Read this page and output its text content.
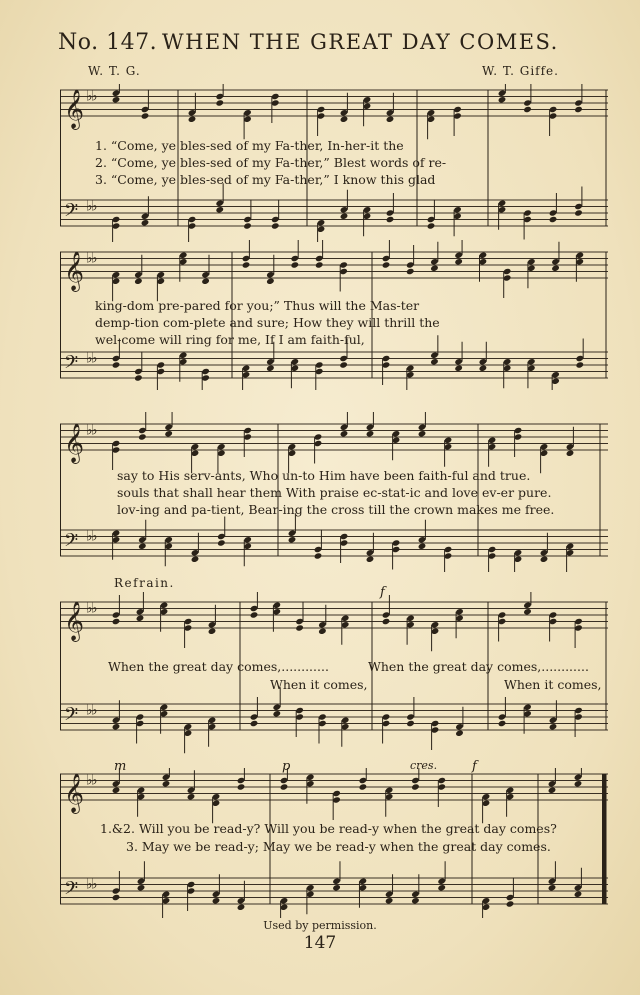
No. 147. WHEN THE GREAT DAY COMES.
W. T. G.	W. T. Giffe.
𝄞 ♭
♭
𝄢 ♭
♭
1. “Come, ye bles-sed of my Fa-ther, In-her-it the
2. “Come, ye bles-sed of my Fa-ther,” Blest words of re-
3. “Come, ye bles-sed of my Fa-ther,” I know this glad
𝄞 ♭
♭
𝄢 ♭
♭
king-dom pre-pared for you;” Thus will the Mas-ter
demp-tion com-plete and sure; How they will thrill the
wel-come will ring for me, If I am faith-ful,
𝄞 ♭
♭
𝄢 ♭
♭
say to His serv-ants, Who un-to Him have been faith-ful and true.
souls that shall hear them With praise ec-stat-ic and love ev-er pure.
lov-ing and pa-tient, Bear-ing the cross till the crown makes me free.
Refrain.
f
𝄞 ♭
♭
𝄢 ♭
♭
When the great day comes,............	When the great day comes,............
When it comes,	When it comes,
m	p	cres.	f
𝄞 ♭
♭
𝄢 ♭
♭
1.&2. Will you be read-y? Will you be read-y when the great day comes?
3. May we be read-y; May we be read-y when the great day comes.
Used by permission.
147
